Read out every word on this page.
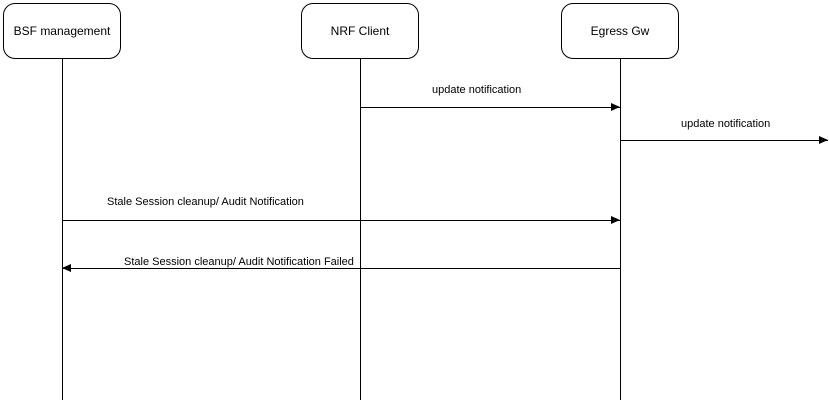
BSF management	NRF Client	Egress Gw
update notification
update notification
Stale Session cleanup/ Audit Notification
Stale Session cleanup/ Audit Notification Failed
